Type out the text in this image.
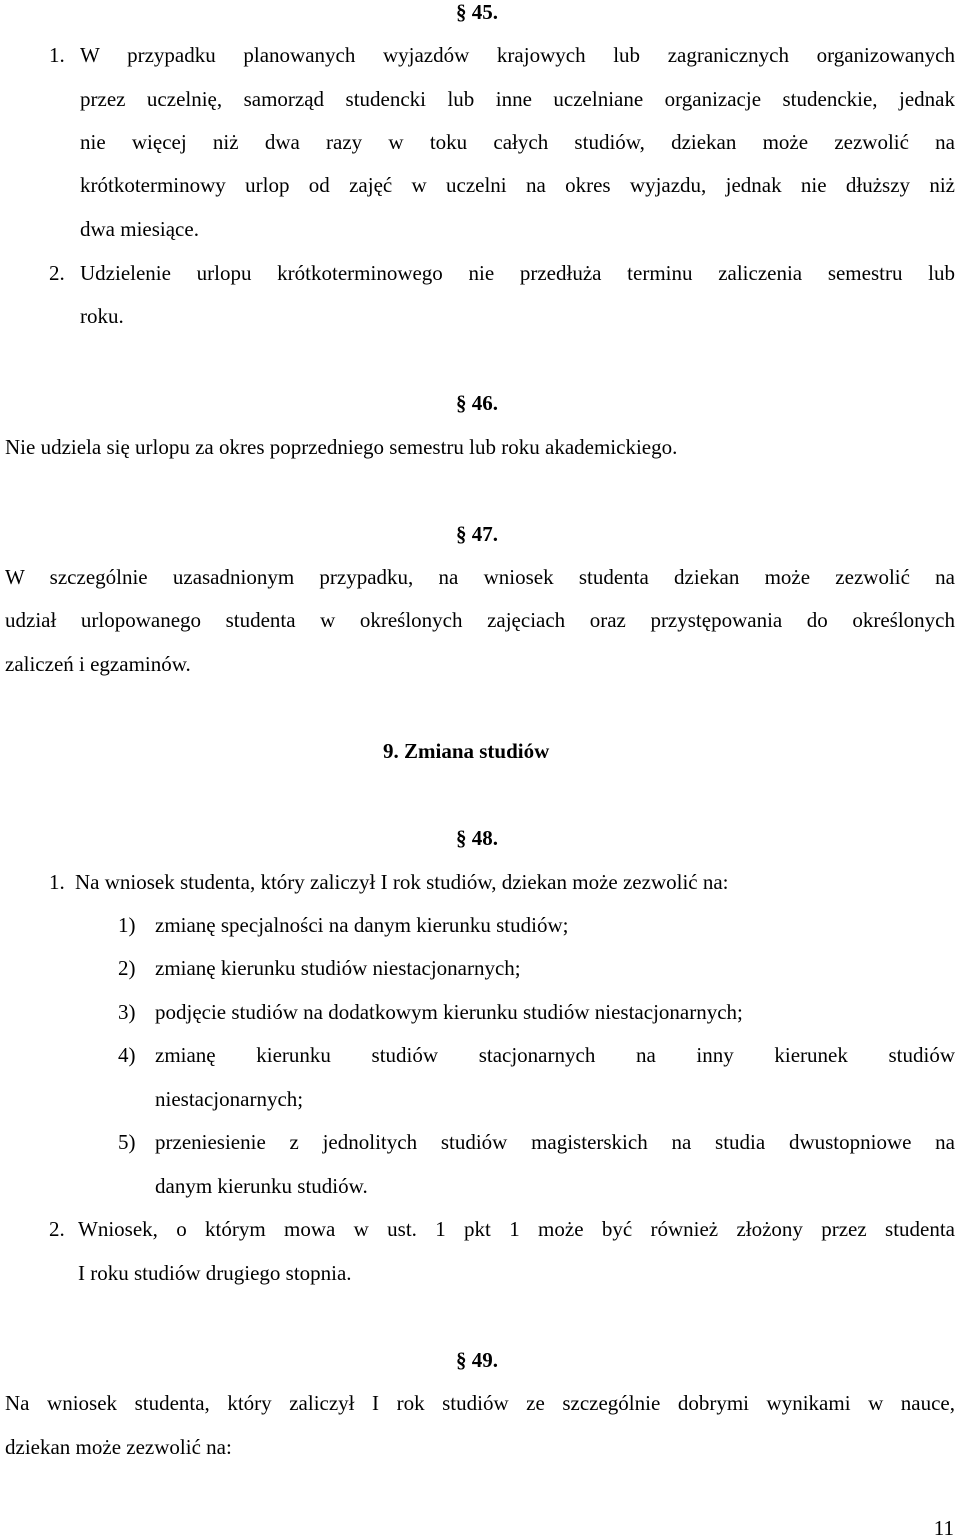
§ 45.
1. W przypadku planowanych wyjazdów krajowych lub zagranicznych organizowanych
przez uczelnię, samorząd studencki lub inne uczelniane organizacje studenckie, jednak
nie więcej niż dwa razy w toku całych studiów, dziekan może zezwolić na
krótkoterminowy urlop od zajęć w uczelni na okres wyjazdu, jednak nie dłuższy niż
dwa miesiące.
2. Udzielenie urlopu krótkoterminowego nie przedłuża terminu zaliczenia semestru lub
roku.
§ 46.
Nie udziela się urlopu za okres poprzedniego semestru lub roku akademickiego.
§ 47.
W szczególnie uzasadnionym przypadku, na wniosek studenta dziekan może zezwolić na
udział urlopowanego studenta w określonych zajęciach oraz przystępowania do określonych
zaliczeń i egzaminów.
9. Zmiana studiów
§ 48.
1. Na wniosek studenta, który zaliczył I rok studiów, dziekan może zezwolić na:
1) zmianę specjalności na danym kierunku studiów;
2) zmianę kierunku studiów niestacjonarnych;
3) podjęcie studiów na dodatkowym kierunku studiów niestacjonarnych;
4) zmianę kierunku studiów stacjonarnych na inny kierunek studiów
niestacjonarnych;
5) przeniesienie z jednolitych studiów magisterskich na studia dwustopniowe na
danym kierunku studiów.
2. Wniosek, o którym mowa w ust. 1 pkt 1 może być również złożony przez studenta
I roku studiów drugiego stopnia.
§ 49.
Na wniosek studenta, który zaliczył I rok studiów ze szczególnie dobrymi wynikami w nauce,
dziekan może zezwolić na:
11
